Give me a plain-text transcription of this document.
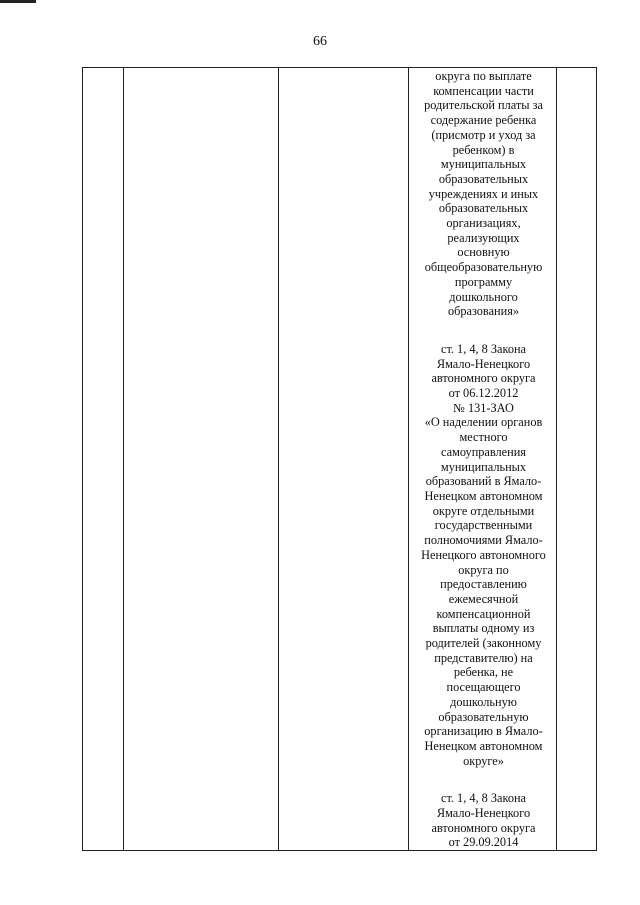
66

округа по выплате
компенсации части
родительской платы за
содержание ребенка
(присмотр и уход за
ребенком) в
муниципальных
образовательных
учреждениях и иных
образовательных
организациях,
реализующих
основную
общеобразовательную
программу
дошкольного
образования»

ст. 1, 4, 8 Закона
Ямало-Ненецкого
автономного округа
от 06.12.2012
№ 131-ЗАО
«О наделении органов
местного
самоуправления
муниципальных
образований в Ямало-
Ненецком автономном
округе отдельными
государственными
полномочиями Ямало-
Ненецкого автономного
округа по
предоставлению
ежемесячной
компенсационной
выплаты одному из
родителей (законному
представителю) на
ребенка, не
посещающего
дошкольную
образовательную
организацию в Ямало-
Ненецком автономном
округе»

ст. 1, 4, 8 Закона
Ямало-Ненецкого
автономного округа
от 29.09.2014
